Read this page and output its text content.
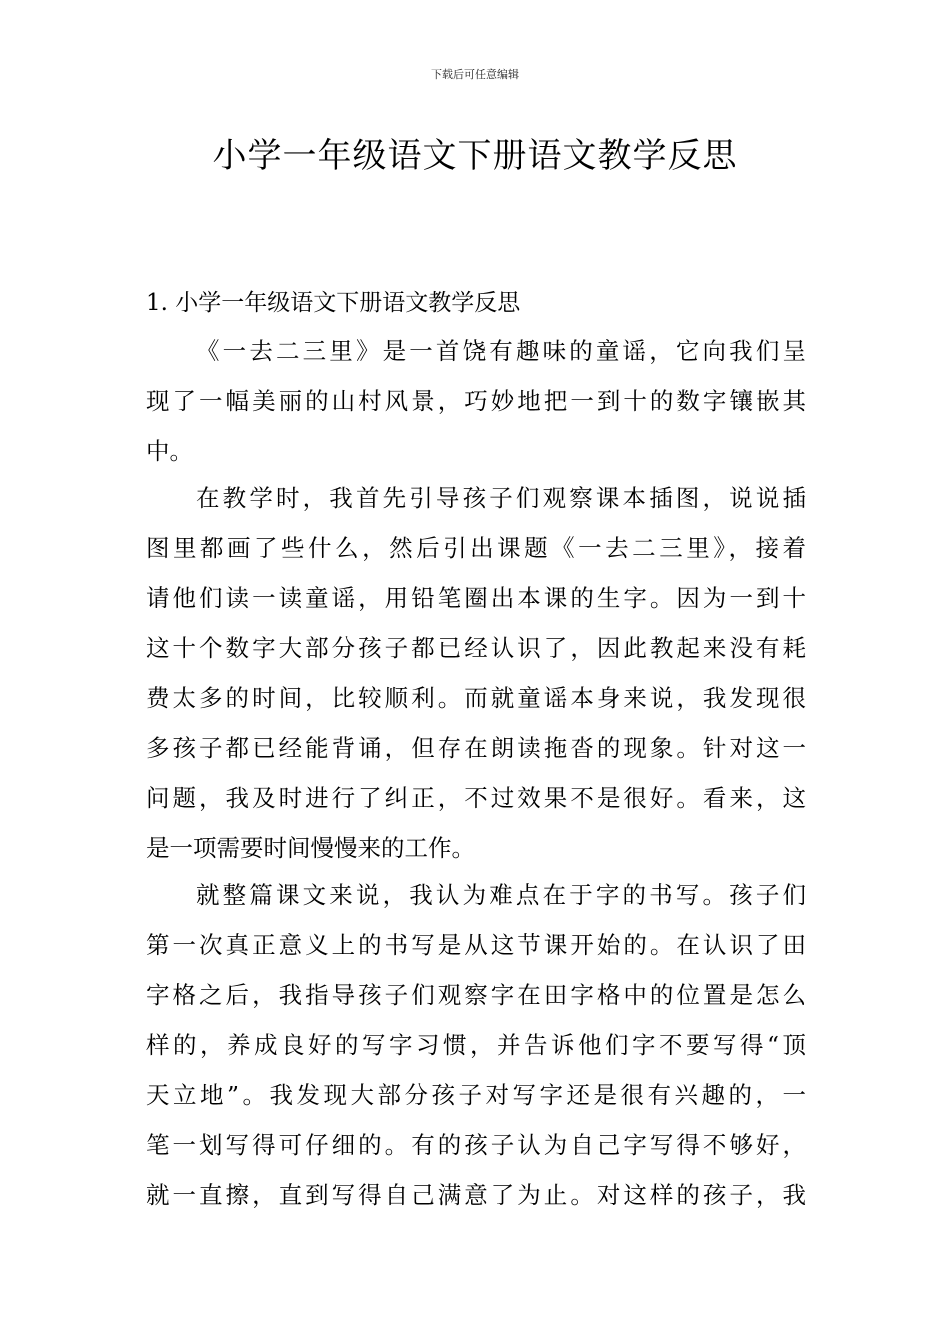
下载后可任意编辑
小学一年级语文下册语文教学反思
1. 小学一年级语文下册语文教学反思
《一去二三里》是一首饶有趣味的童谣，它向我们呈
现了一幅美丽的山村风景，巧妙地把一到十的数字镶嵌其
中。
在教学时，我首先引导孩子们观察课本插图，说说插
图里都画了些什么，然后引出课题《一去二三里》，接着
请他们读一读童谣，用铅笔圈出本课的生字。因为一到十
这十个数字大部分孩子都已经认识了，因此教起来没有耗
费太多的时间，比较顺利。而就童谣本身来说，我发现很
多孩子都已经能背诵，但存在朗读拖沓的现象。针对这一
问题，我及时进行了纠正，不过效果不是很好。看来，这
是一项需要时间慢慢来的工作。
就整篇课文来说，我认为难点在于字的书写。孩子们
第一次真正意义上的书写是从这节课开始的。在认识了田
字格之后，我指导孩子们观察字在田字格中的位置是怎么
样的，养成良好的写字习惯，并告诉他们字不要写得“顶
天立地”。我发现大部分孩子对写字还是很有兴趣的，一
笔一划写得可仔细的。有的孩子认为自己字写得不够好，
就一直擦，直到写得自己满意了为止。对这样的孩子，我
